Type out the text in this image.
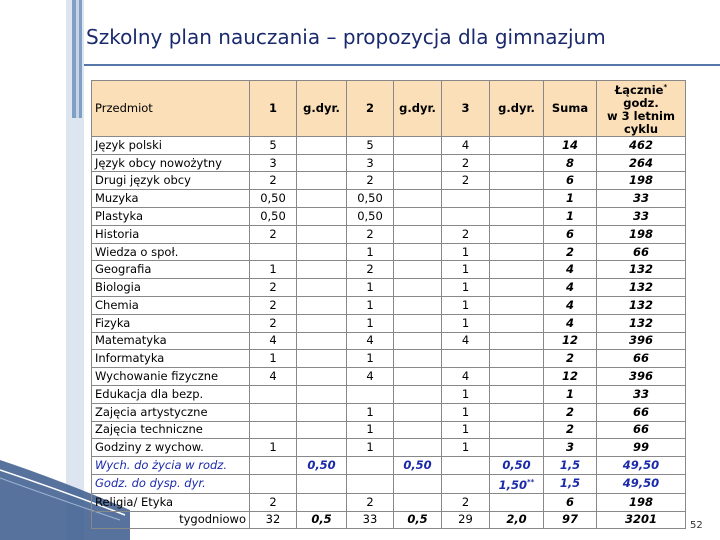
Szkolny plan nauczania – propozycja dla gimnazjum
Przedmiot	1	g.dyr.	2	g.dyr.	3	g.dyr.	Suma	Łącznie*
godz.
w 3 letnim
cyklu
Język polski	5		5		4		14	462
Język obcy nowożytny	3		3		2		8	264
Drugi język obcy	2		2		2		6	198
Muzyka	0,50		0,50				1	33
Plastyka	0,50		0,50				1	33
Historia	2		2		2		6	198
Wiedza o społ.			1		1		2	66
Geografia	1		2		1		4	132
Biologia	2		1		1		4	132
Chemia	2		1		1		4	132
Fizyka	2		1		1		4	132
Matematyka	4		4		4		12	396
Informatyka	1		1				2	66
Wychowanie fizyczne	4		4		4		12	396
Edukacja dla bezp.					1		1	33
Zajęcia artystyczne			1		1		2	66
Zajęcia techniczne			1		1		2	66
Godziny z wychow.	1		1		1		3	99
Wych. do życia w rodz.		0,50		0,50		0,50	1,5	49,50
Godz. do dysp. dyr.						1,50**	1,5	49,50
Religia/ Etyka	2		2		2		6	198
tygodniowo	32	0,5	33	0,5	29	2,0	97	3201	52
